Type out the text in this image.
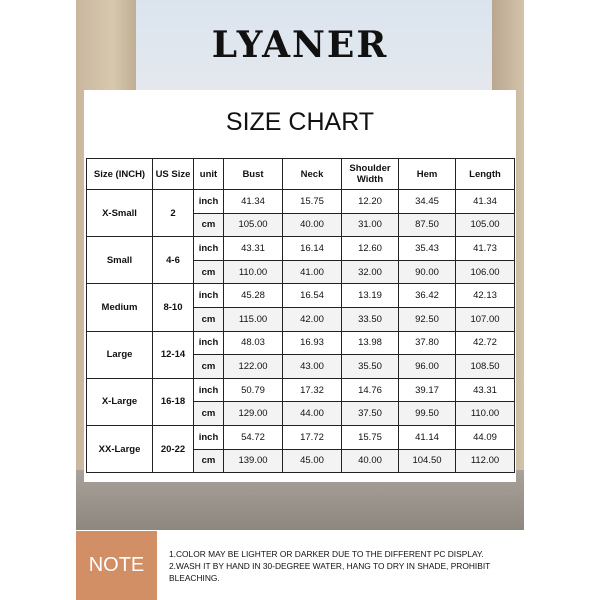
LYANER
SIZE CHART
Size (INCH)	US Size	unit	Bust	Neck	Shoulder Width	Hem	Length
X-Small	2	inch	41.34	15.75	12.20	34.45	41.34
		cm	105.00	40.00	31.00	87.50	105.00
Small	4-6	inch	43.31	16.14	12.60	35.43	41.73
		cm	110.00	41.00	32.00	90.00	106.00
Medium	8-10	inch	45.28	16.54	13.19	36.42	42.13
		cm	115.00	42.00	33.50	92.50	107.00
Large	12-14	inch	48.03	16.93	13.98	37.80	42.72
		cm	122.00	43.00	35.50	96.00	108.50
X-Large	16-18	inch	50.79	17.32	14.76	39.17	43.31
		cm	129.00	44.00	37.50	99.50	110.00
XX-Large	20-22	inch	54.72	17.72	15.75	41.14	44.09
		cm	139.00	45.00	40.00	104.50	112.00
NOTE	1.COLOR MAY BE LIGHTER OR DARKER DUE TO THE DIFFERENT PC DISPLAY.
2.WASH IT BY HAND IN 30-DEGREE WATER, HANG TO DRY IN SHADE, PROHIBIT BLEACHING.
